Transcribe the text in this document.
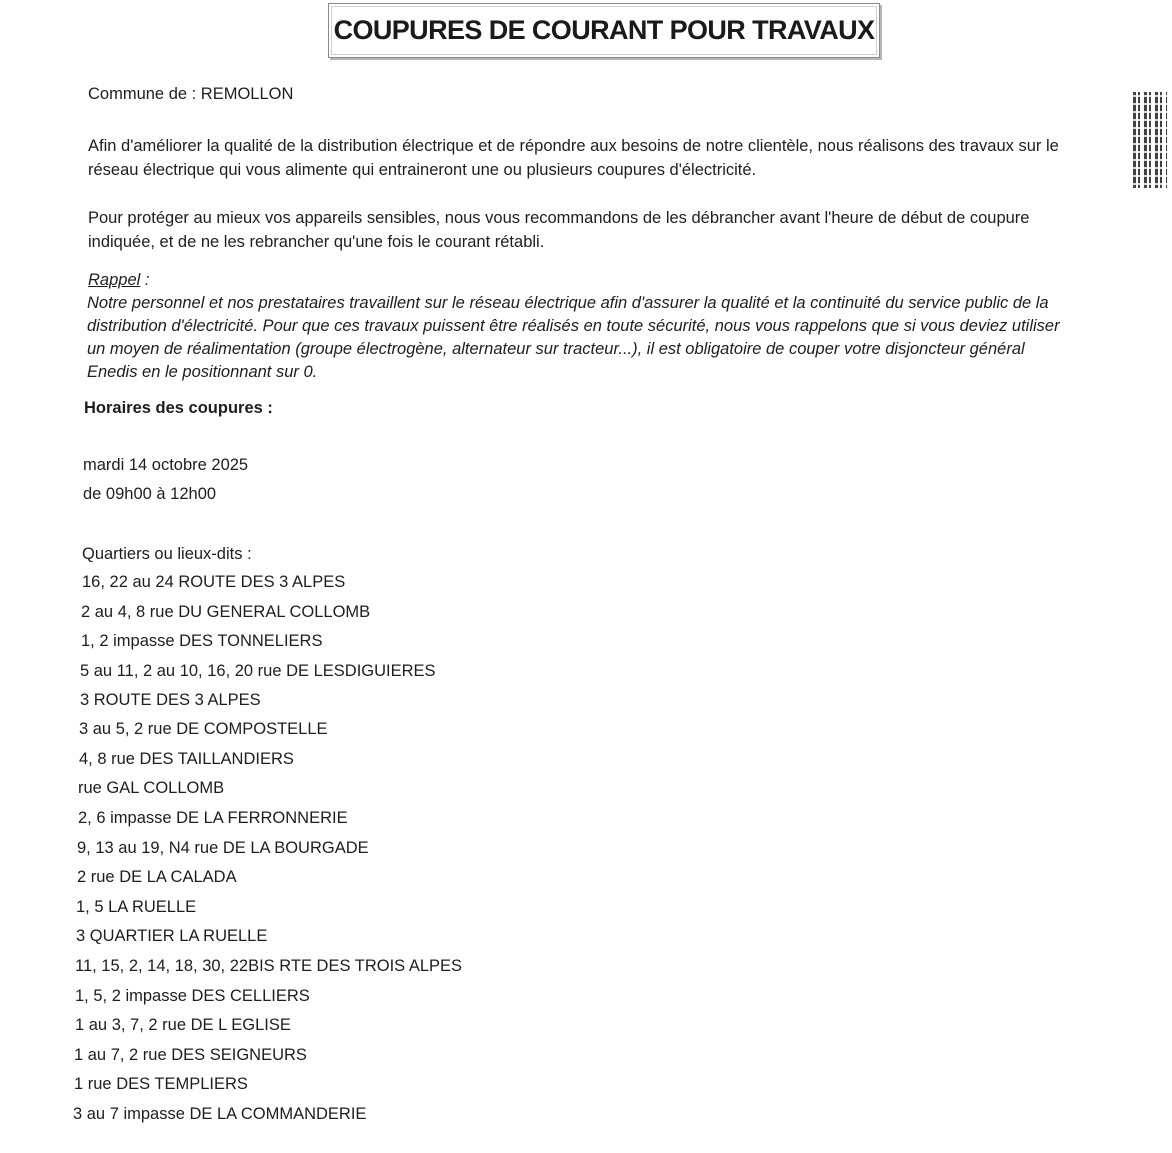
COUPURES DE COURANT POUR TRAVAUX
Commune de : REMOLLON
Afin d'améliorer la qualité de la distribution électrique et de répondre aux besoins de notre clientèle, nous réalisons des travaux sur le réseau électrique qui vous alimente qui entraineront une ou plusieurs coupures d'électricité.
Pour protéger au mieux vos appareils sensibles, nous vous recommandons de les débrancher avant l'heure de début de coupure indiquée, et de ne les rebrancher qu'une fois le courant rétabli.
Rappel :
Notre personnel et nos prestataires travaillent sur le réseau électrique afin d'assurer la qualité et la continuité du service public de la distribution d'électricité. Pour que ces travaux puissent être réalisés en toute sécurité, nous vous rappelons que si vous deviez utiliser un moyen de réalimentation (groupe électrogène, alternateur sur tracteur...), il est obligatoire de couper votre disjoncteur général Enedis en le positionnant sur 0.
Horaires des coupures :
mardi 14 octobre 2025
de 09h00 à 12h00
Quartiers ou lieux-dits :
16, 22 au 24 ROUTE DES 3 ALPES
2 au 4, 8 rue DU GENERAL COLLOMB
1, 2 impasse DES TONNELIERS
5 au 11, 2 au 10, 16, 20 rue DE LESDIGUIERES
3 ROUTE DES 3 ALPES
3 au 5, 2 rue DE COMPOSTELLE
4, 8 rue DES TAILLANDIERS
rue GAL COLLOMB
2, 6 impasse DE LA FERRONNERIE
9, 13 au 19, N4 rue DE LA BOURGADE
2 rue DE LA CALADA
1, 5 LA RUELLE
3 QUARTIER LA RUELLE
11, 15, 2, 14, 18, 30, 22BIS RTE DES TROIS ALPES
1, 5, 2 impasse DES CELLIERS
1 au 3, 7, 2 rue DE L EGLISE
1 au 7, 2 rue DES SEIGNEURS
1 rue DES TEMPLIERS
3 au 7 impasse DE LA COMMANDERIE
